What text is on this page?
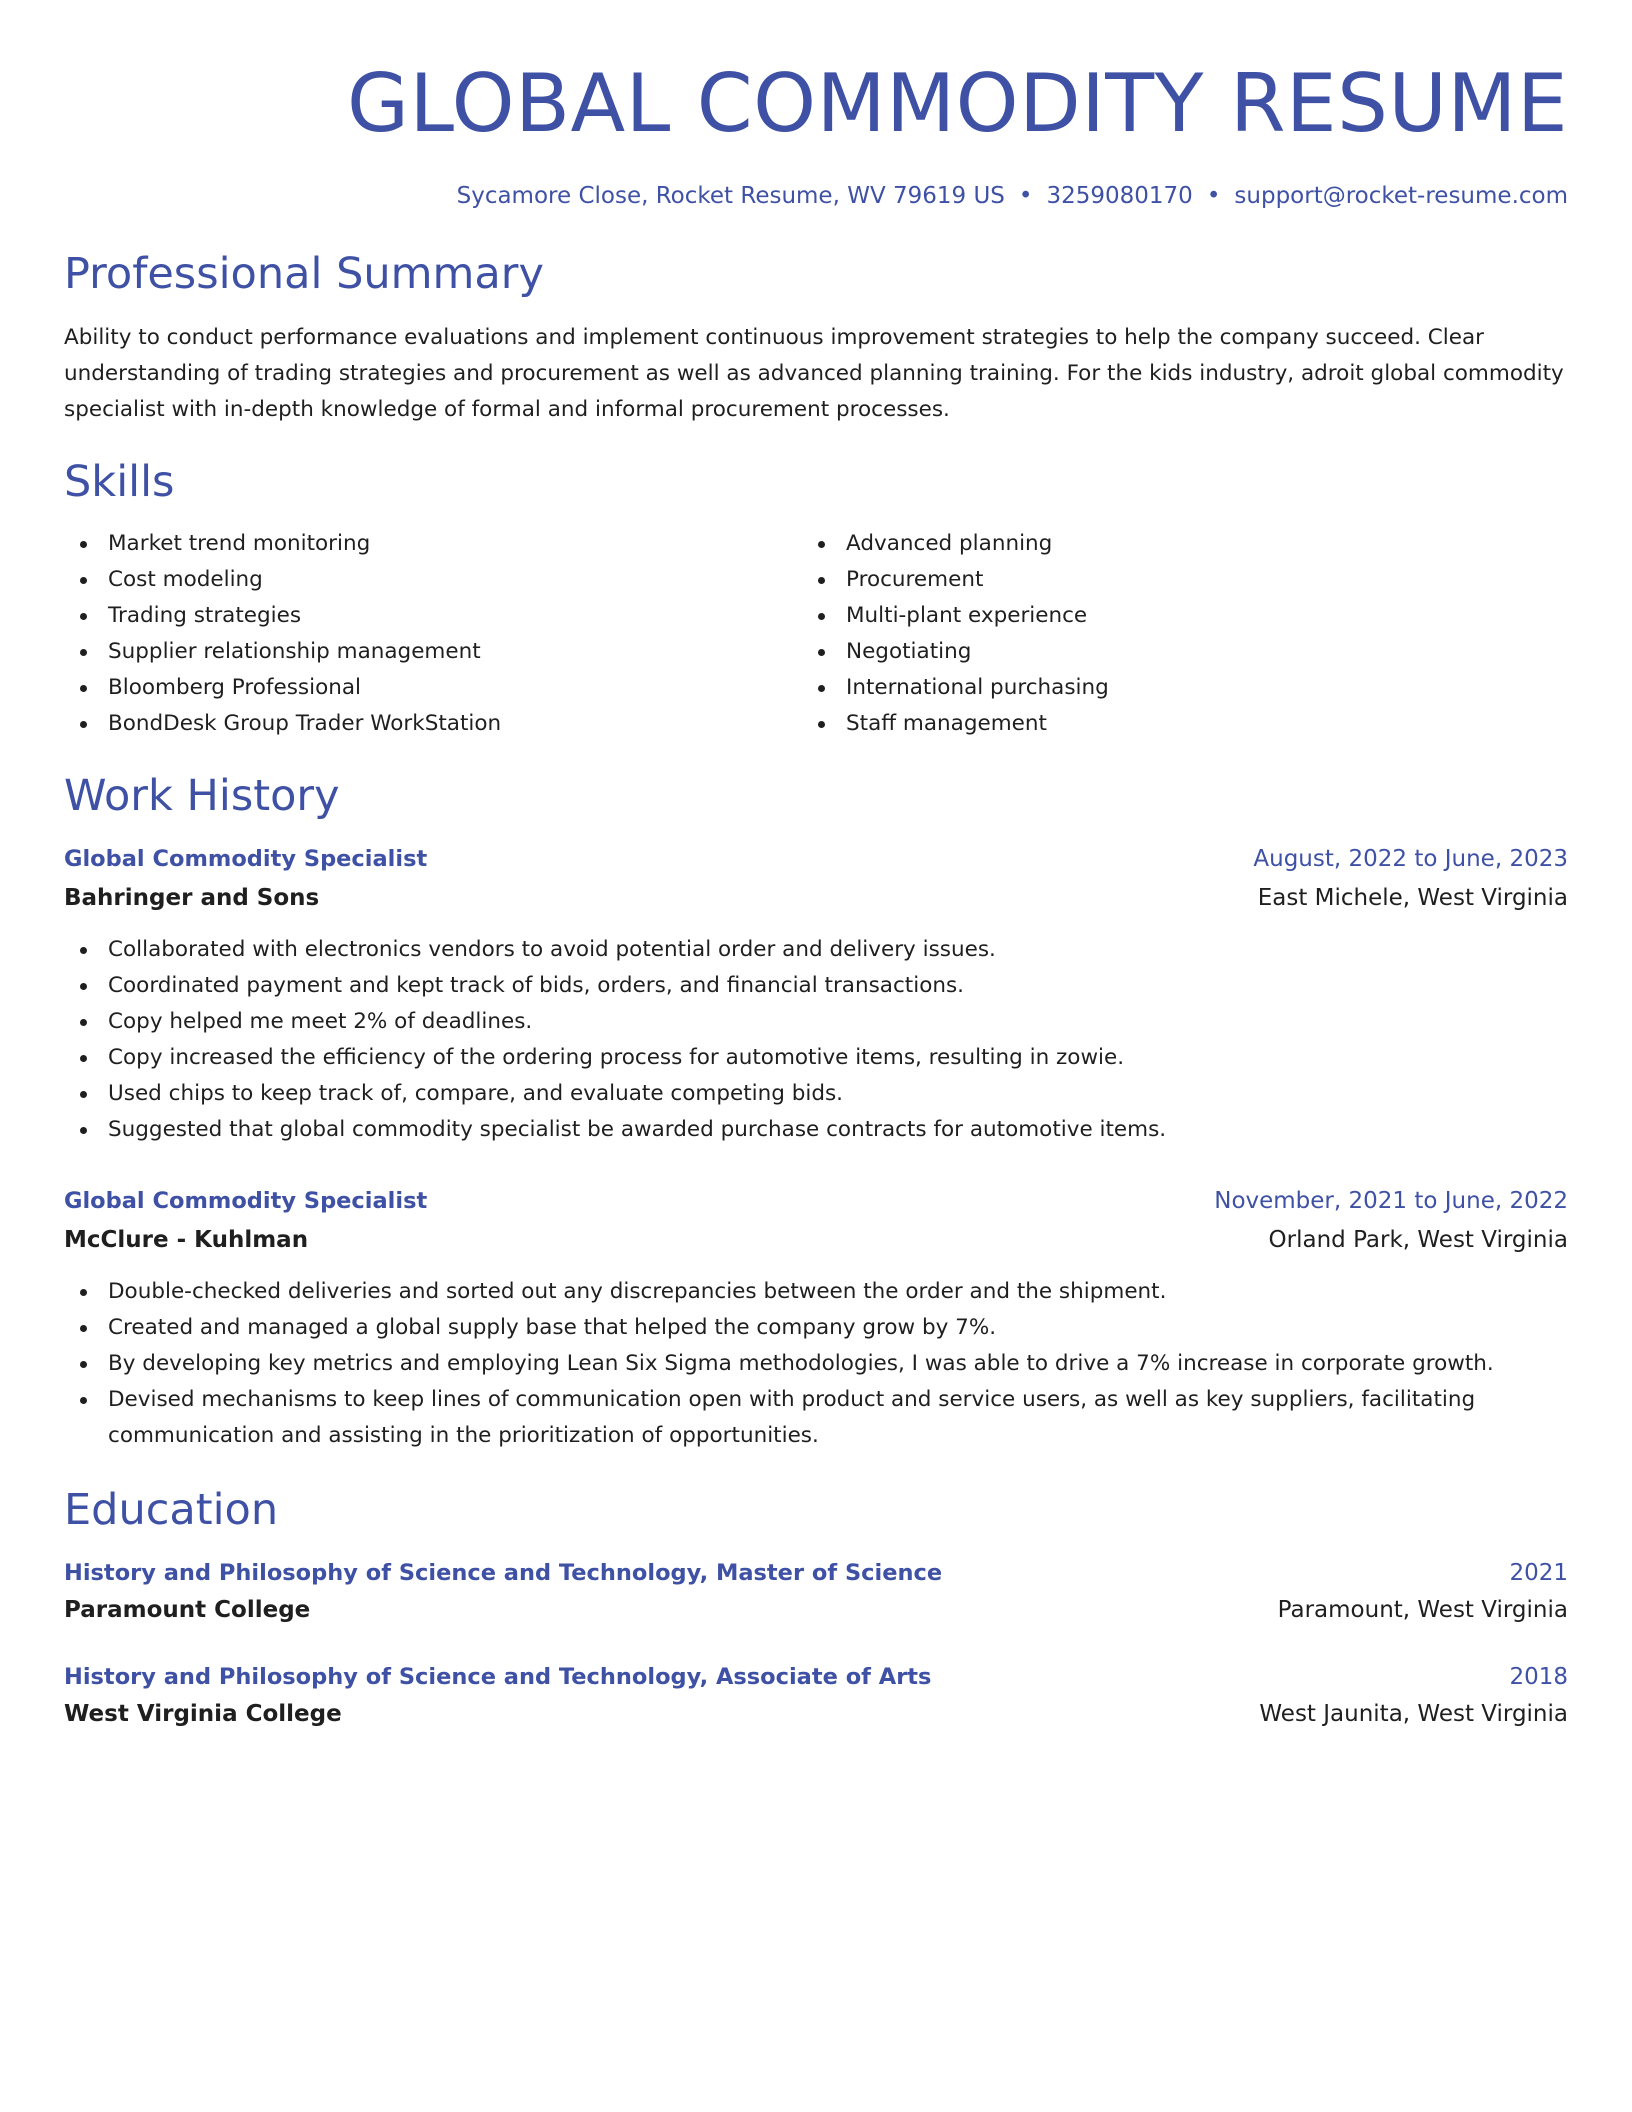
GLOBAL COMMODITY RESUME
Sycamore Close, Rocket Resume, WV 79619 US • 3259080170 • support@rocket-resume.com
Professional Summary
Ability to conduct performance evaluations and implement continuous improvement strategies to help the company succeed. Clear understanding of trading strategies and procurement as well as advanced planning training. For the kids industry, adroit global commodity specialist with in-depth knowledge of formal and informal procurement processes.
Skills
Market trend monitoring
Cost modeling
Trading strategies
Supplier relationship management
Bloomberg Professional
BondDesk Group Trader WorkStation
Advanced planning
Procurement
Multi-plant experience
Negotiating
International purchasing
Staff management
Work History
Global Commodity Specialist	August, 2022 to June, 2023
Bahringer and Sons	East Michele, West Virginia
Collaborated with electronics vendors to avoid potential order and delivery issues.
Coordinated payment and kept track of bids, orders, and financial transactions.
Copy helped me meet 2% of deadlines.
Copy increased the efficiency of the ordering process for automotive items, resulting in zowie.
Used chips to keep track of, compare, and evaluate competing bids.
Suggested that global commodity specialist be awarded purchase contracts for automotive items.
Global Commodity Specialist	November, 2021 to June, 2022
McClure - Kuhlman	Orland Park, West Virginia
Double-checked deliveries and sorted out any discrepancies between the order and the shipment.
Created and managed a global supply base that helped the company grow by 7%.
By developing key metrics and employing Lean Six Sigma methodologies, I was able to drive a 7% increase in corporate growth.
Devised mechanisms to keep lines of communication open with product and service users, as well as key suppliers, facilitating communication and assisting in the prioritization of opportunities.
Education
History and Philosophy of Science and Technology, Master of Science	2021
Paramount College	Paramount, West Virginia
History and Philosophy of Science and Technology, Associate of Arts	2018
West Virginia College	West Jaunita, West Virginia
